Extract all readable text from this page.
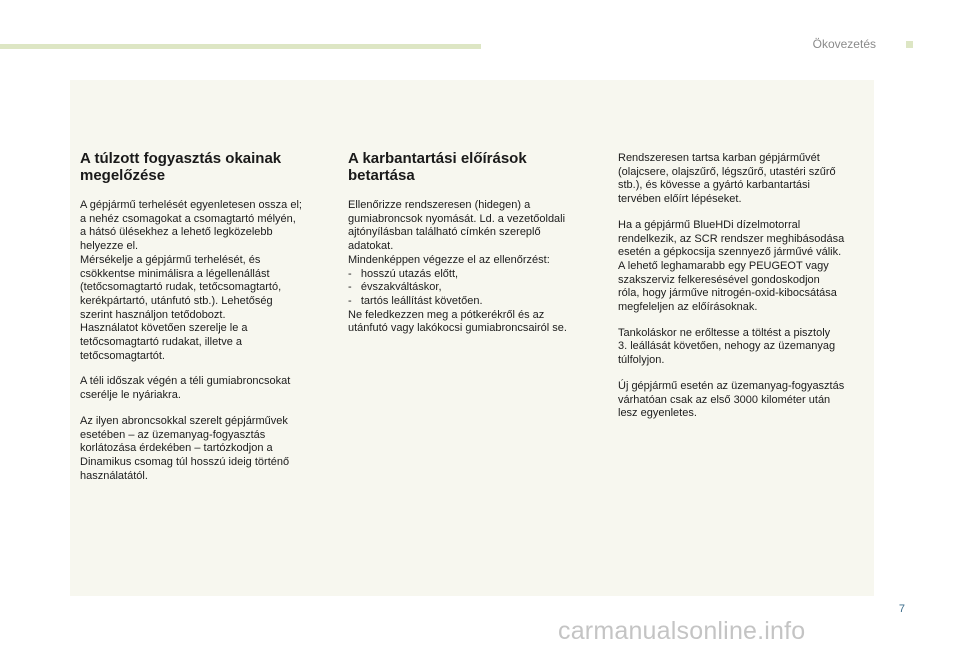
Ökovezetés
A túlzott fogyasztás okainak
megelőzése

A gépjármű terhelését egyenletesen ossza el;
a nehéz csomagokat a csomagtartó mélyén,
a hátsó ülésekhez a lehető legközelebb
helyezze el.
Mérsékelje a gépjármű terhelését, és
csökkentse minimálisra a légellenállást
(tetőcsomagtartó rudak, tetőcsomagtartó,
kerékpártartó, utánfutó stb.). Lehetőség
szerint használjon tetődobozt.
Használatot követően szerelje le a
tetőcsomagtartó rudakat, illetve a
tetőcsomagtartót.

A téli időszak végén a téli gumiabroncsokat
cserélje le nyáriakra.

Az ilyen abroncsokkal szerelt gépjárművek
esetében – az üzemanyag-fogyasztás
korlátozása érdekében – tartózkodjon a
Dinamikus csomag túl hosszú ideig történő
használatától.

A karbantartási előírások
betartása

Ellenőrizze rendszeresen (hidegen) a
gumiabroncsok nyomását. Ld. a vezetőoldali
ajtónyílásban található címkén szereplő
adatokat.
Mindenképpen végezze el az ellenőrzést:
-   hosszú utazás előtt,
-   évszakváltáskor,
-   tartós leállítást követően.
Ne feledkezzen meg a pótkerékről és az
utánfutó vagy lakókocsi gumiabroncsairól se.

Rendszeresen tartsa karban gépjárművét
(olajcsere, olajszűrő, légszűrő, utastéri szűrő
stb.), és kövesse a gyártó karbantartási
tervében előírt lépéseket.

Ha a gépjármű BlueHDi dízelmotorral
rendelkezik, az SCR rendszer meghibásodása
esetén a gépkocsija szennyező járművé válik.
A lehető leghamarabb egy PEUGEOT vagy
szakszerviz felkeresésével gondoskodjon
róla, hogy járműve nitrogén-oxid-kibocsátása
megfeleljen az előírásoknak.

Tankoláskor ne erőltesse a töltést a pisztoly
3. leállását követően, nehogy az üzemanyag
túlfolyjon.

Új gépjármű esetén az üzemanyag-fogyasztás
várhatóan csak az első 3000 kilométer után
lesz egyenletes.

7
carmanualsonline.info
